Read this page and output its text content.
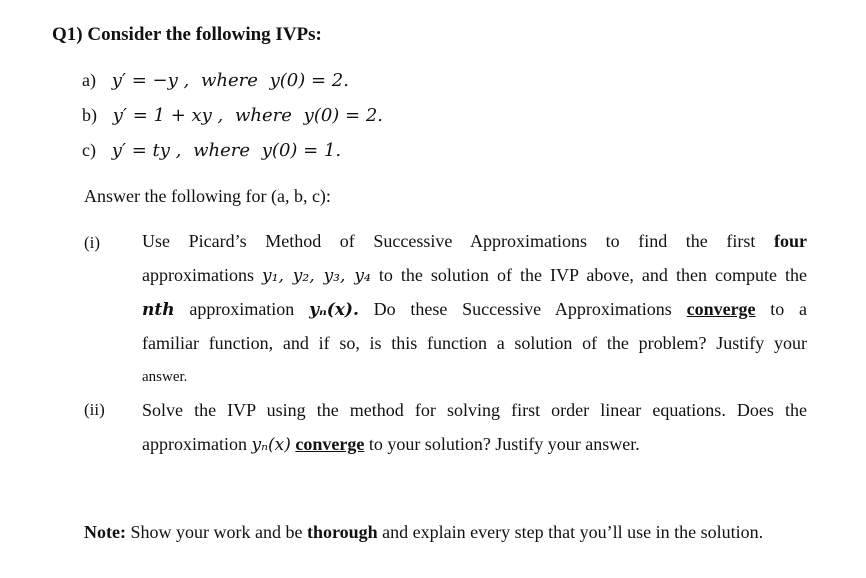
Q1) Consider the following IVPs:
a) y′ = −y , where y(0) = 2.
b) y′ = 1 + xy , where y(0) = 2.
c) y′ = ty , where y(0) = 1.
Answer the following for (a, b, c):
(i) Use Picard’s Method of Successive Approximations to find the first four
approximations y₁, y₂, y₃, y₄ to the solution of the IVP above, and then compute the
nth approximation yₙ(x). Do these Successive Approximations converge to a
familiar function, and if so, is this function a solution of the problem? Justify your
answer.
(ii) Solve the IVP using the method for solving first order linear equations. Does the
approximation yₙ(x) converge to your solution? Justify your answer.
Note: Show your work and be thorough and explain every step that you’ll use in the solution.
